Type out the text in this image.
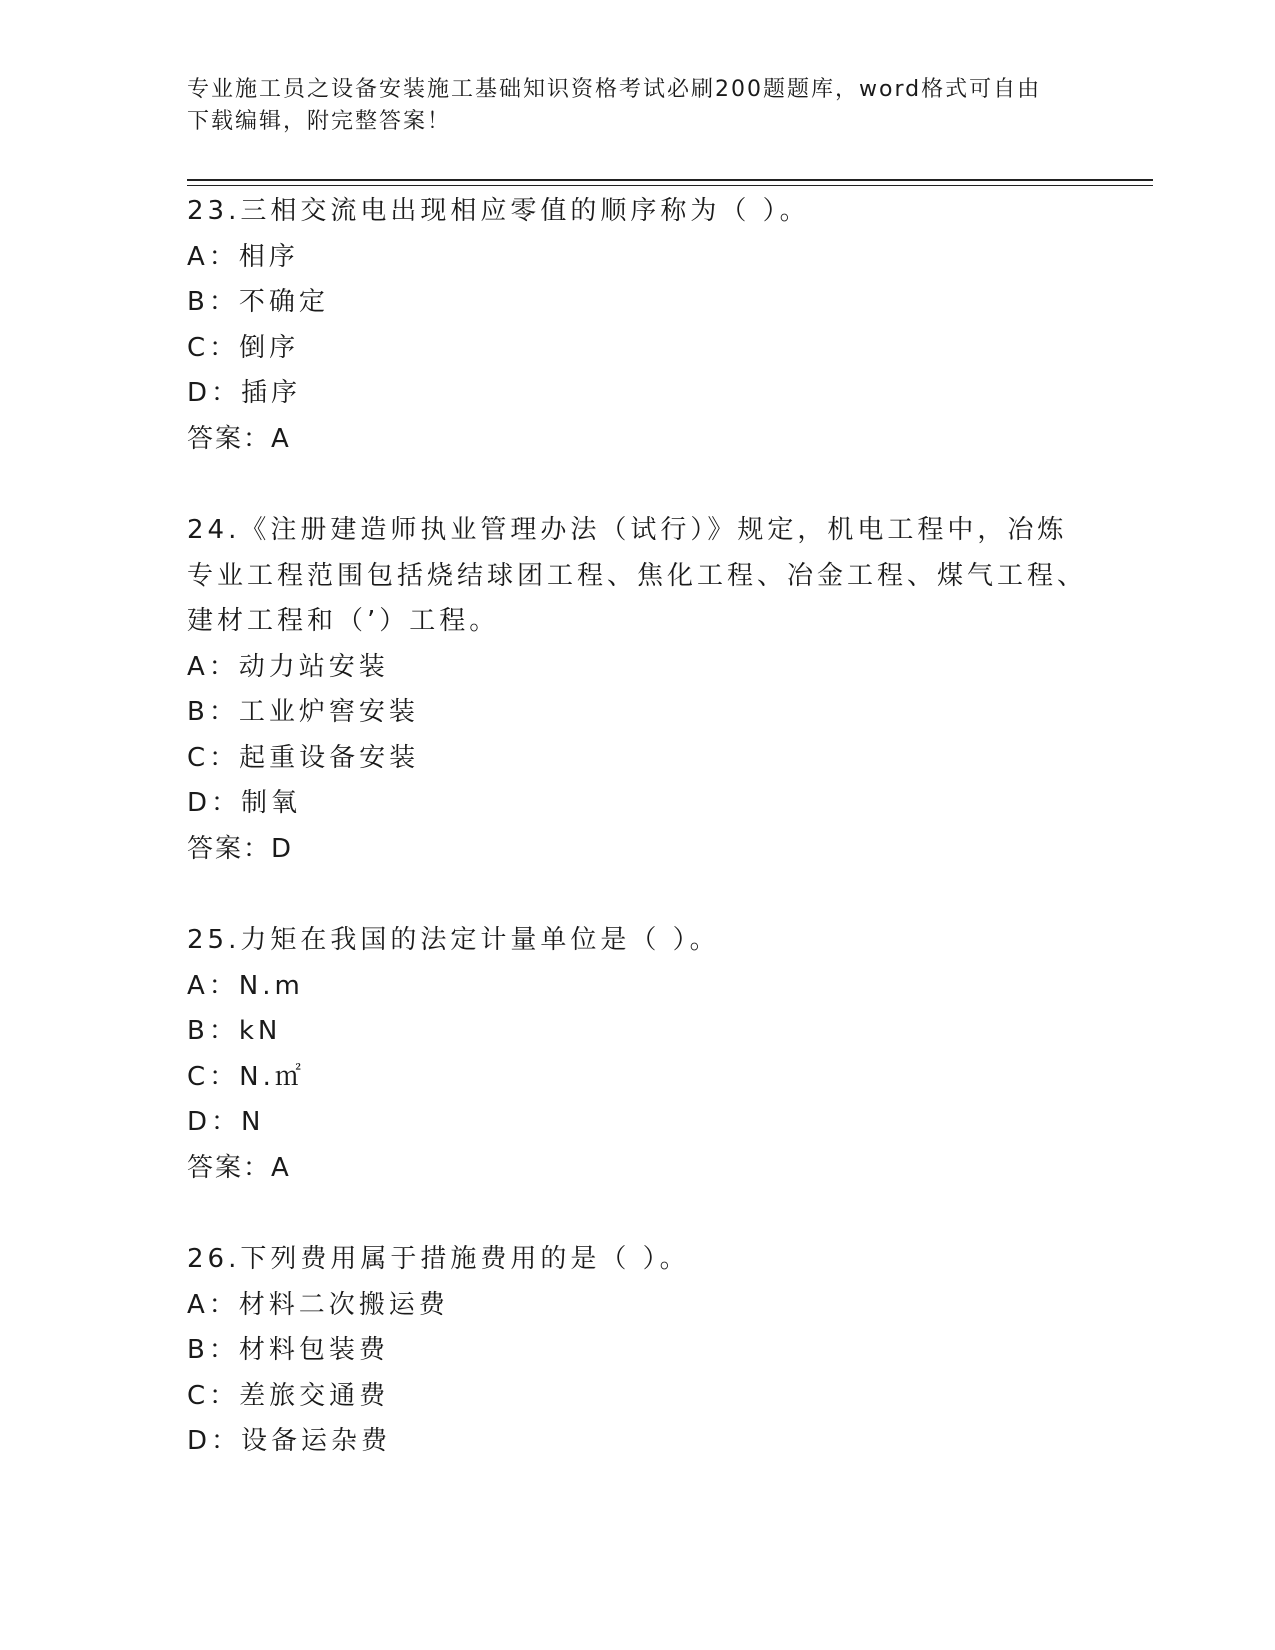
专业施工员之设备安装施工基础知识资格考试必刷200题题库，word格式可自由
下载编辑，附完整答案！
23.三相交流电出现相应零值的顺序称为（ ）。
A：相序
B：不确定
C：倒序
D：插序
答案：A
24.《注册建造师执业管理办法（试行）》规定，机电工程中，冶炼专业工程范围包括烧结球团工程、焦化工程、冶金工程、煤气工程、建材工程和（’）工程。
A：动力站安装
B：工业炉窖安装
C：起重设备安装
D：制氧
答案：D
25.力矩在我国的法定计量单位是（ ）。
A：N.m
B：kN
C：N.㎡
D：N
答案：A
26.下列费用属于措施费用的是（ ）。
A：材料二次搬运费
B：材料包装费
C：差旅交通费
D：设备运杂费
